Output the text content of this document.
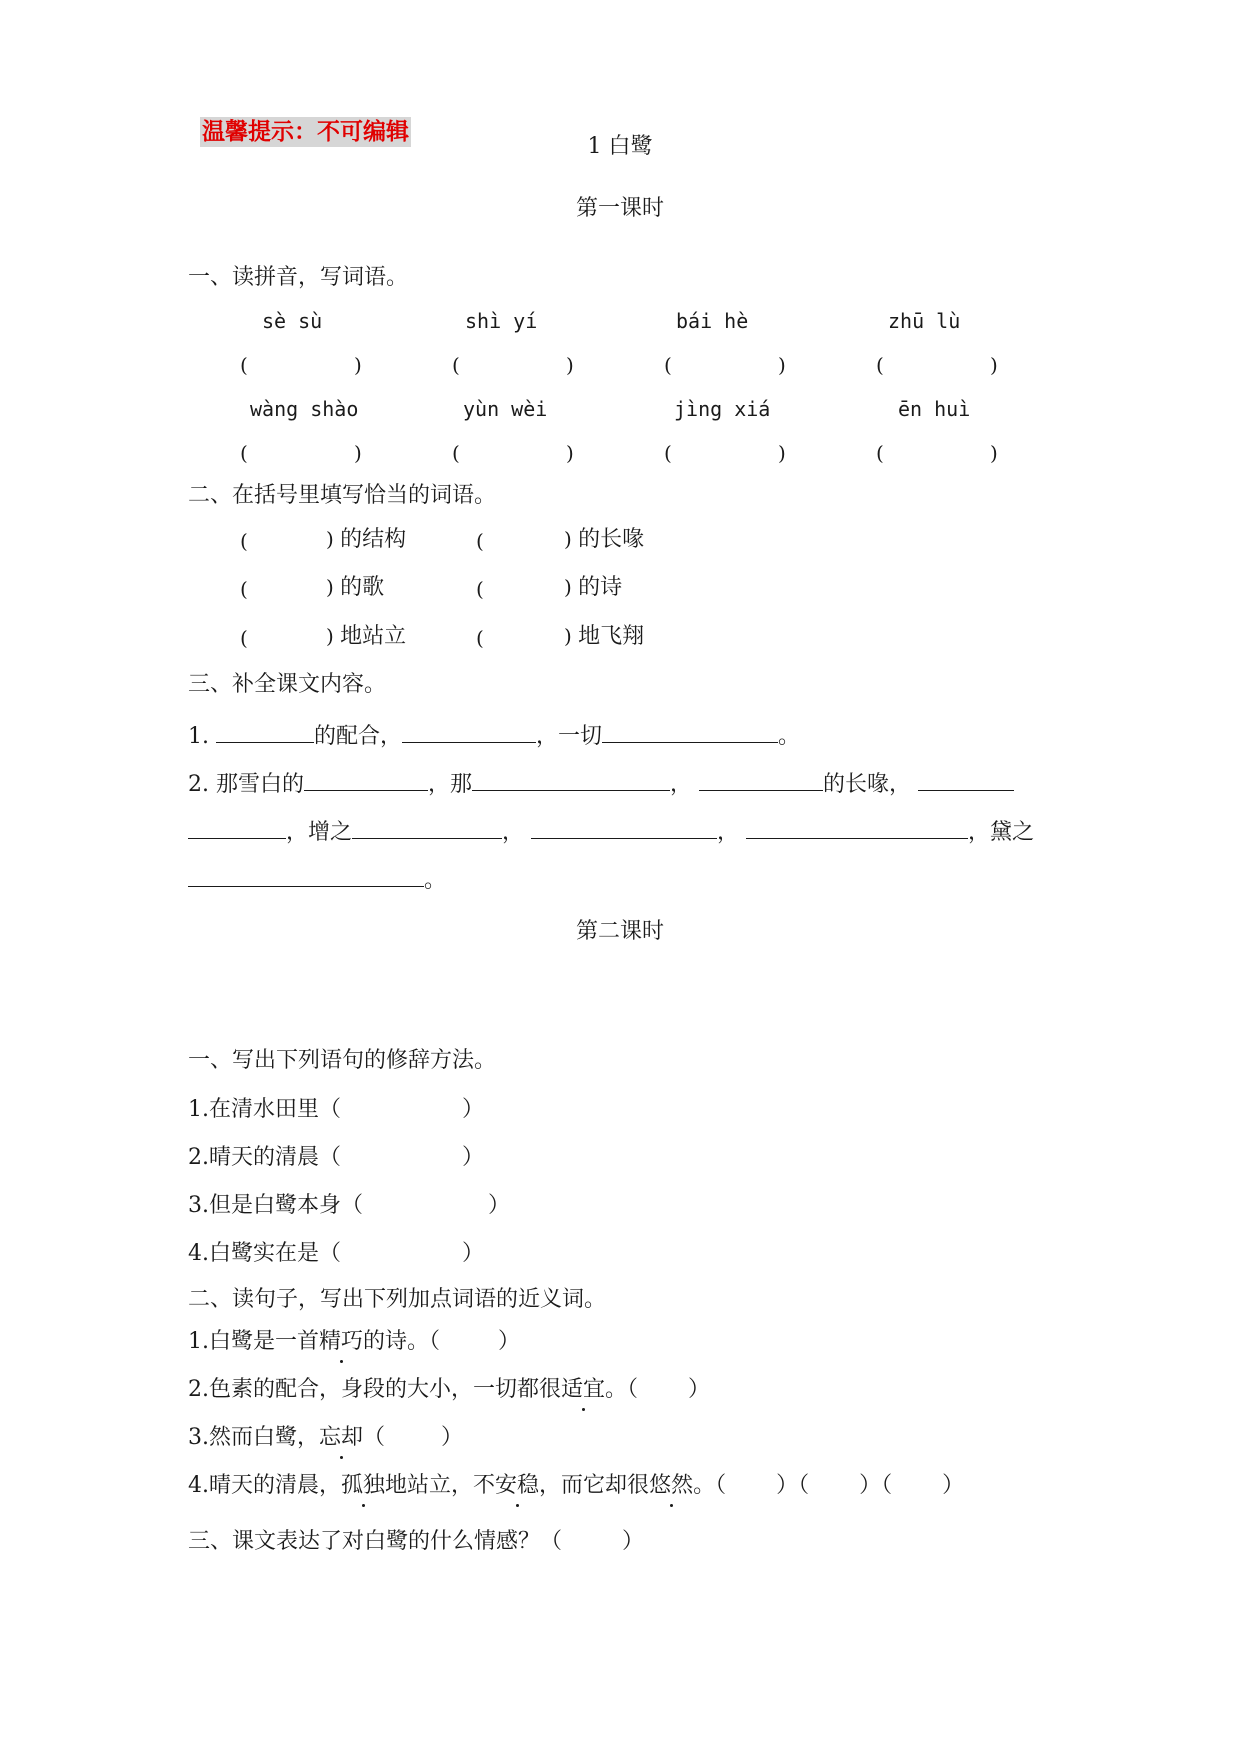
温馨提示：不可编辑
1 白鹭
第一课时
一、读拼音，写词语。
sè sù	shì yí	bái hè	zhū lù
(	)	(	)	(	)	(	)
wàng shào	yùn wèi	jìng xiá	ēn huì
(	)	(	)	(	)	(	)
二、在括号里填写恰当的词语。
(	) 的结构	(	) 的长喙
(	) 的歌	(	) 的诗
(	) 地站立	(	) 地飞翔
三、补全课文内容。
1.	的配合，	，一切	。
2. 那雪白的	，那	，	的长喙，
，增之	，	，	，黛之
。
第二课时
一、写出下列语句的修辞方法。
1.在清水田里（	）
2.晴天的清晨（	）
3.但是白鹭本身（	）
4.白鹭实在是（	）
二、读句子，写出下列加点词语的近义词。
1.白鹭是一首精巧的诗。（	）
2.色素的配合，身段的大小，一切都很适宜。（ ）
3.然而白鹭，忘却（	）
4.晴天的清晨，孤独地站立，不安稳，而它却很悠然。（ ）（ ）（ ）
三、课文表达了对白鹭的什么情感？（	）
